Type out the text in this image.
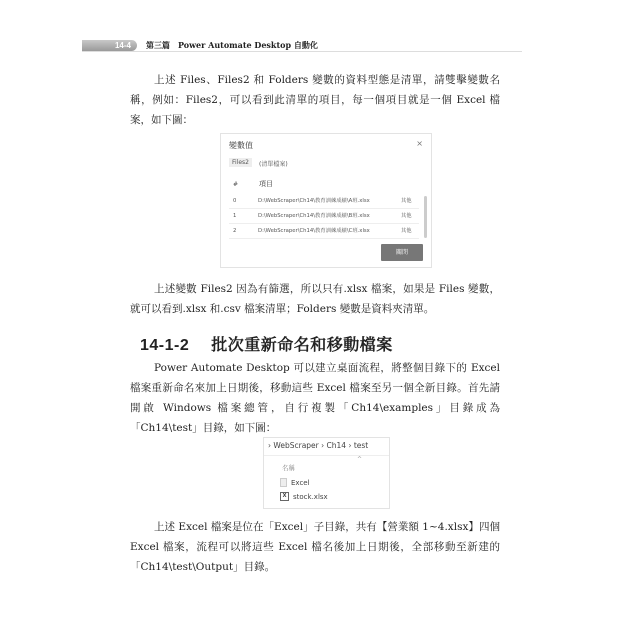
14-4	第三篇　Power Automate Desktop 自動化

上述 Files、Files2 和 Folders 變數的資料型態是清單，請雙擊變數名稱，例如：Files2，可以看到此清單的項目，每一個項目就是一個 Excel 檔案，如下圖：

變數值	×
Files2	(清單檔案)
#	項目
0	D:\WebScraper\Ch14\教育訓練成績\A班.xlsx	其他
1	D:\WebScraper\Ch14\教育訓練成績\B班.xlsx	其他
2	D:\WebScraper\Ch14\教育訓練成績\C班.xlsx	其他
關閉

上述變數 Files2 因為有篩選，所以只有.xlsx 檔案，如果是 Files 變數，就可以看到.xlsx 和.csv 檔案清單；Folders 變數是資料夾清單。

14-1-2 批次重新命名和移動檔案

Power Automate Desktop 可以建立桌面流程，將整個目錄下的 Excel 檔案重新命名來加上日期後，移動這些 Excel 檔案至另一個全新目錄。首先請開啟 Windows 檔案總管，自行複製「Ch14\examples」目錄成為「Ch14\test」目錄，如下圖：

› WebScraper › Ch14 › test
^
名稱
Excel
X stock.xlsx

上述 Excel 檔案是位在「Excel」子目錄，共有【營業額 1~4.xlsx】四個 Excel 檔案，流程可以將這些 Excel 檔名後加上日期後，全部移動至新建的「Ch14\test\Output」目錄。
